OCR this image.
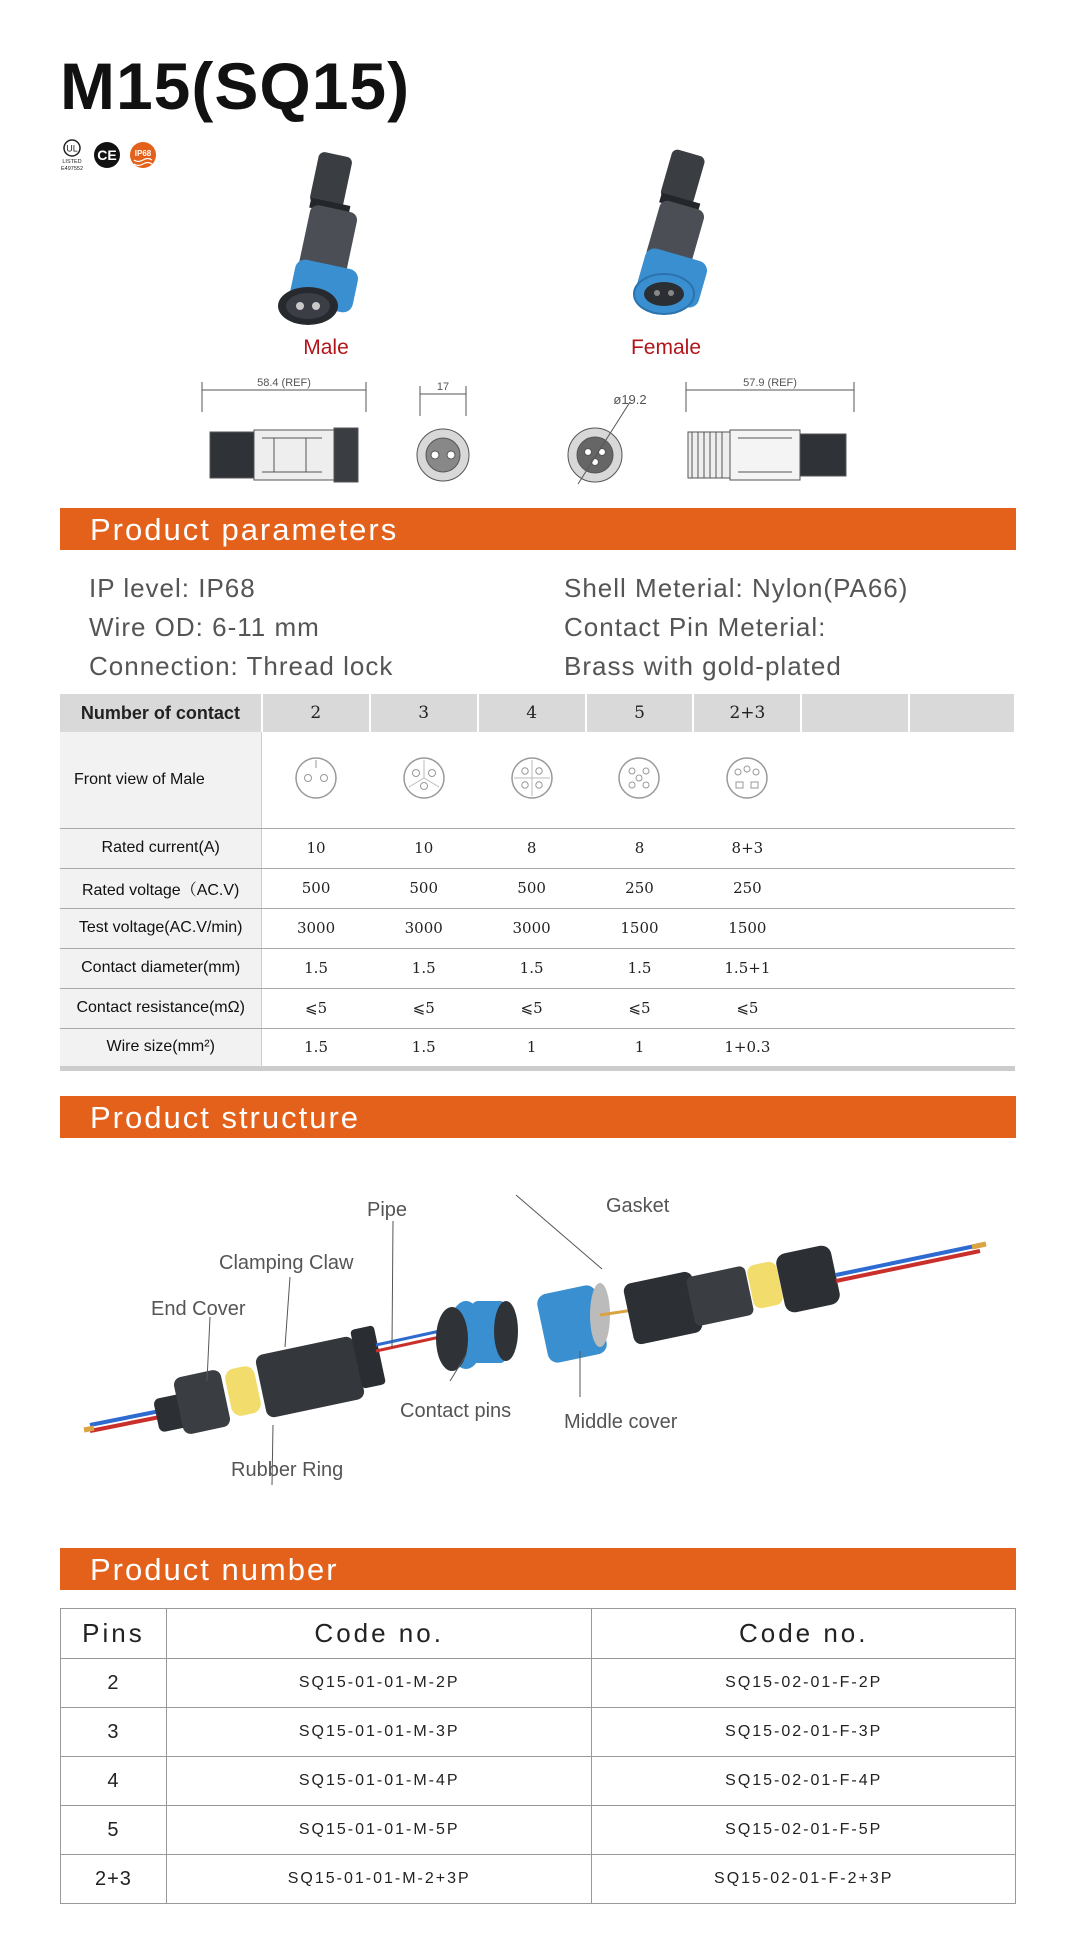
M15(SQ15)
UL
LISTED
E497552
CE IP68
Male	Female
58.4 (REF)	17
ø19.2
57.9 (REF)
Product parameters
IP level: IP68
Wire OD: 6-11 mm
Connection: Thread lock
Shell Meterial: Nylon(PA66)
Contact Pin Meterial:
Brass with gold-plated
Number of contact	2	3	4	5	2+3		
Front view of Male							
Rated current(A)	10	10	8	8	8+3		
Rated voltage（AC.V)	500	500	500	250	250		
Test voltage(AC.V/min)	3000	3000	3000	1500	1500		
Contact diameter(mm)	1.5	1.5	1.5	1.5	1.5+1		
Contact resistance(mΩ)	⩽5	⩽5	⩽5	⩽5	⩽5		
Wire size(mm²)	1.5	1.5	1	1	1+0.3		
Product structure
Pipe	Gasket
Clamping Claw
End Cover
Contact pins	Middle cover
Rubber Ring
Product number
Pins	Code no.	Code no.
2	SQ15-01-01-M-2P	SQ15-02-01-F-2P
3	SQ15-01-01-M-3P	SQ15-02-01-F-3P
4	SQ15-01-01-M-4P	SQ15-02-01-F-4P
5	SQ15-01-01-M-5P	SQ15-02-01-F-5P
2+3	SQ15-01-01-M-2+3P	SQ15-02-01-F-2+3P
